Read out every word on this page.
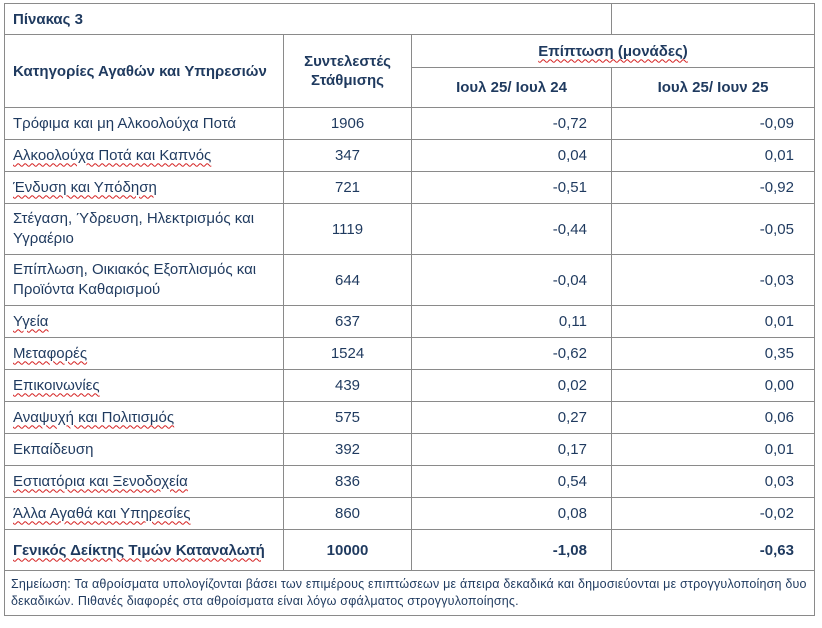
Πίνακας 3			
Κατηγορίες Αγαθών και Υπηρεσιών	Συντελεστές Στάθμισης	Επίπτωση (μονάδες)	
		Ιουλ 25/ Ιουλ 24	Ιουλ 25/ Ιουν 25
Τρόφιμα και μη Αλκοολούχα Ποτά	1906	-0,72	-0,09
Αλκοολούχα Ποτά και Καπνός	347	0,04	0,01
Ένδυση και Υπόδηση	721	-0,51	-0,92
Στέγαση, Ύδρευση, Ηλεκτρισμός και Υγραέριο	1119	-0,44	-0,05
Επίπλωση, Οικιακός Εξοπλισμός και Προϊόντα Καθαρισμού	644	-0,04	-0,03
Υγεία	637	0,11	0,01
Μεταφορές	1524	-0,62	0,35
Επικοινωνίες	439	0,02	0,00
Αναψυχή και Πολιτισμός	575	0,27	0,06
Εκπαίδευση	392	0,17	0,01
Εστιατόρια και Ξενοδοχεία	836	0,54	0,03
Άλλα Αγαθά και Υπηρεσίες	860	0,08	-0,02
Γενικός Δείκτης Τιμών Καταναλωτή	10000	-1,08	-0,63
Σημείωση: Τα αθροίσματα υπολογίζονται βάσει των επιμέρους επιπτώσεων με άπειρα δεκαδικά και δημοσιεύονται με στρογγυλοποίηση δυο δεκαδικών. Πιθανές διαφορές στα αθροίσματα είναι λόγω σφάλματος στρογγυλοποίησης.			
